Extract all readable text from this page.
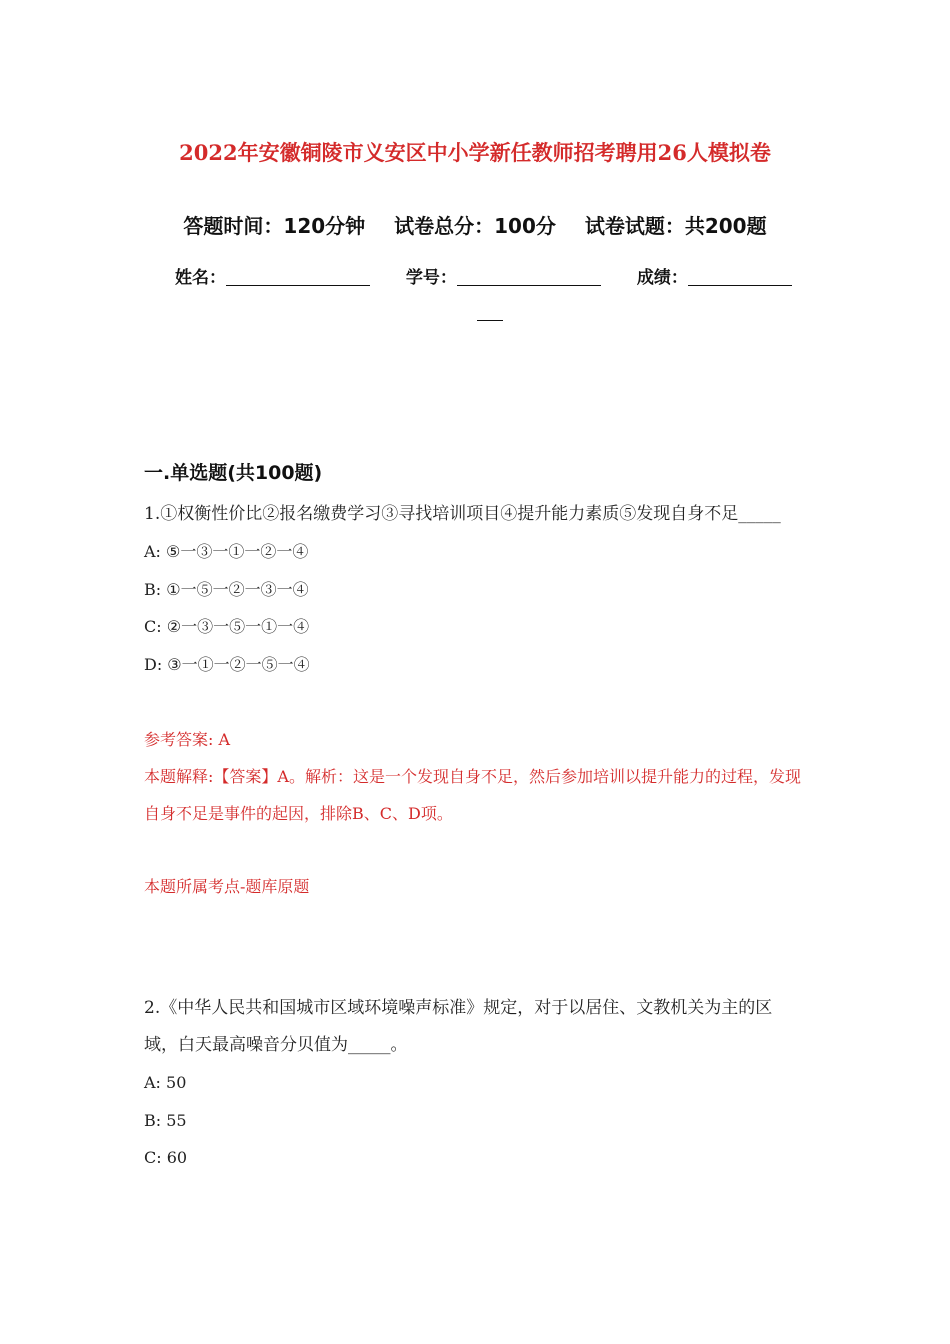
2022年安徽铜陵市义安区中小学新任教师招考聘用26人模拟卷
答题时间：120分钟 试卷总分：100分 试卷试题：共200题
姓名：	学号：	成绩：
一.单选题(共100题)

1.①权衡性价比②报名缴费学习③寻找培训项目④提升能力素质⑤发现自身不足_____

A: ⑤一③一①一②一④

B: ①一⑤一②一③一④

C: ②一③一⑤一①一④

D: ③一①一②一⑤一④

参考答案: A

本题解释:【答案】A。解析：这是一个发现自身不足，然后参加培训以提升能力的过程，发现自身不足是事件的起因，排除B、C、D项。

本题所属考点-题库原题

2.《中华人民共和国城市区域环境噪声标准》规定，对于以居住、文教机关为主的区域，白天最高噪音分贝值为_____。

A: 50

B: 55

C: 60
